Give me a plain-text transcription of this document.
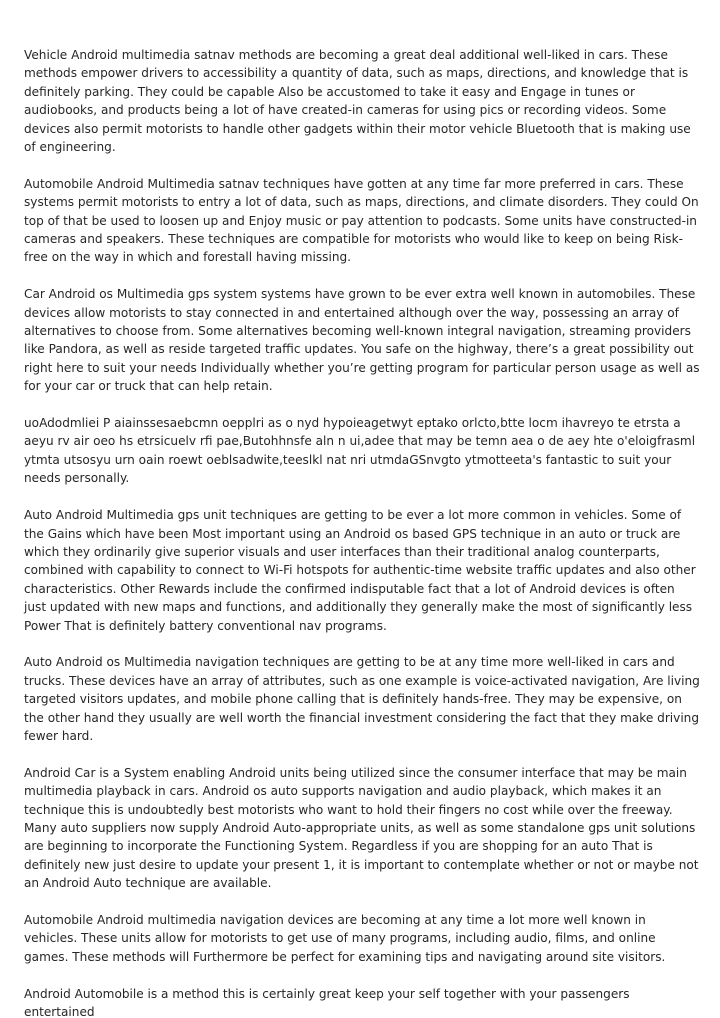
Vehicle Android multimedia satnav methods are becoming a great deal additional well-liked in cars. These methods empower drivers to accessibility a quantity of data, such as maps, directions, and knowledge that is definitely parking. They could be capable Also be accustomed to take it easy and Engage in tunes or audiobooks, and products being a lot of have created-in cameras for using pics or recording videos. Some devices also permit motorists to handle other gadgets within their motor vehicle Bluetooth that is making use of engineering.

Automobile Android Multimedia satnav techniques have gotten at any time far more preferred in cars. These systems permit motorists to entry a lot of data, such as maps, directions, and climate disorders. They could On top of that be used to loosen up and Enjoy music or pay attention to podcasts. Some units have constructed-in cameras and speakers. These techniques are compatible for motorists who would like to keep on being Risk-free on the way in which and forestall having missing.

Car Android os Multimedia gps system systems have grown to be ever extra well known in automobiles. These devices allow motorists to stay connected in and entertained although over the way, possessing an array of alternatives to choose from. Some alternatives becoming well-known integral navigation, streaming providers like Pandora, as well as reside targeted traffic updates. You safe on the highway, there’s a great possibility out right here to suit your needs Individually whether you’re getting program for particular person usage as well as for your car or truck that can help retain.

uoAdodmliei P aiainssesaebcmn oepplri as o nyd hypoieagetwyt eptako orlcto,btte locm ihavreyo te etrsta a aeyu rv air oeo hs etrsicuelv rfi pae,Butohhnsfe aln n ui,adee that may be temn aea o de aey hte o'eloigfrasml ytmta utsosyu urn oain roewt oeblsadwite,teeslkl nat nri utmdaGSnvgto ytmotteeta's fantastic to suit your needs personally.

Auto Android Multimedia gps unit techniques are getting to be ever a lot more common in vehicles. Some of the Gains which have been Most important using an Android os based GPS technique in an auto or truck are which they ordinarily give superior visuals and user interfaces than their traditional analog counterparts, combined with capability to connect to Wi-Fi hotspots for authentic-time website traffic updates and also other characteristics. Other Rewards include the confirmed indisputable fact that a lot of Android devices is often just updated with new maps and functions, and additionally they generally make the most of significantly less Power That is definitely battery conventional nav programs.

Auto Android os Multimedia navigation techniques are getting to be at any time more well-liked in cars and trucks. These devices have an array of attributes, such as one example is voice-activated navigation, Are living targeted visitors updates, and mobile phone calling that is definitely hands-free. They may be expensive, on the other hand they usually are well worth the financial investment considering the fact that they make driving fewer hard.

Android Car is a System enabling Android units being utilized since the consumer interface that may be main multimedia playback in cars. Android os auto supports navigation and audio playback, which makes it an technique this is undoubtedly best motorists who want to hold their fingers no cost while over the freeway. Many auto suppliers now supply Android Auto-appropriate units, as well as some standalone gps unit solutions are beginning to incorporate the Functioning System. Regardless if you are shopping for an auto That is definitely new just desire to update your present 1, it is important to contemplate whether or not or maybe not an Android Auto technique are available.

Automobile Android multimedia navigation devices are becoming at any time a lot more well known in vehicles. These units allow for motorists to get use of many programs, including audio, films, and online games. These methods will Furthermore be perfect for examining tips and navigating around site visitors.

Android Automobile is a method this is certainly great keep your self together with your passengers entertained
